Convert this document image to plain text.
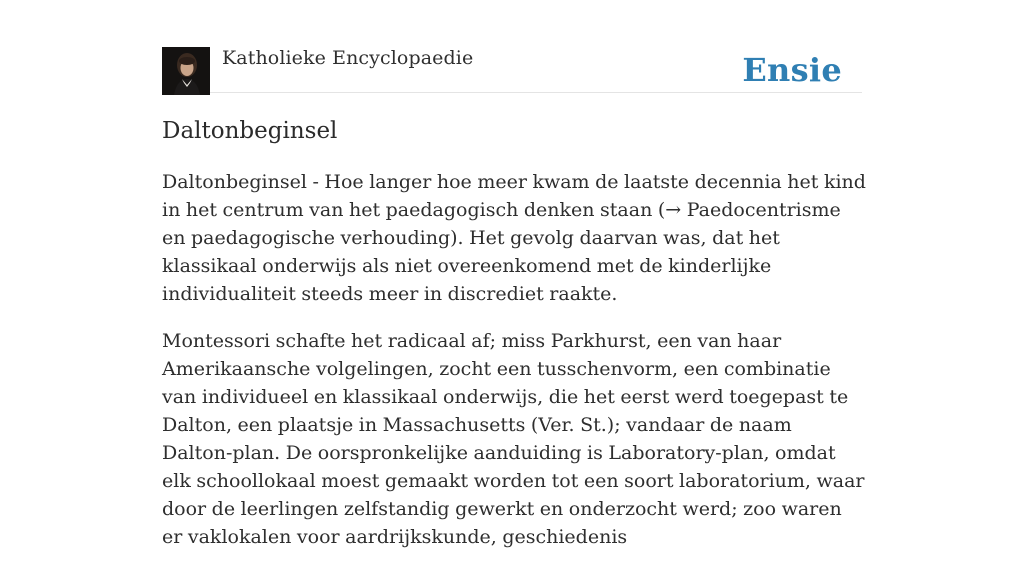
Katholieke Encyclopaedie	Ensie
Daltonbeginsel

Daltonbeginsel - Hoe langer hoe meer kwam de laatste decennia het kind in het centrum van het paedagogisch denken staan (→ Paedocentrisme en paedagogische verhouding). Het gevolg daarvan was, dat het klassikaal onderwijs als niet overeenkomend met de kinderlijke individualiteit steeds meer in discrediet raakte.

Montessori schafte het radicaal af; miss Parkhurst, een van haar Amerikaansche volgelingen, zocht een tusschenvorm, een combinatie van individueel en klassikaal onderwijs, die het eerst werd toegepast te Dalton, een plaatsje in Massachusetts (Ver. St.); vandaar de naam Dalton-plan. De oorspronkelijke aanduiding is Laboratory-plan, omdat elk schoollokaal moest gemaakt worden tot een soort laboratorium, waar door de leerlingen zelfstandig gewerkt en onderzocht werd; zoo waren er vaklokalen voor aardrijkskunde, geschiedenis
